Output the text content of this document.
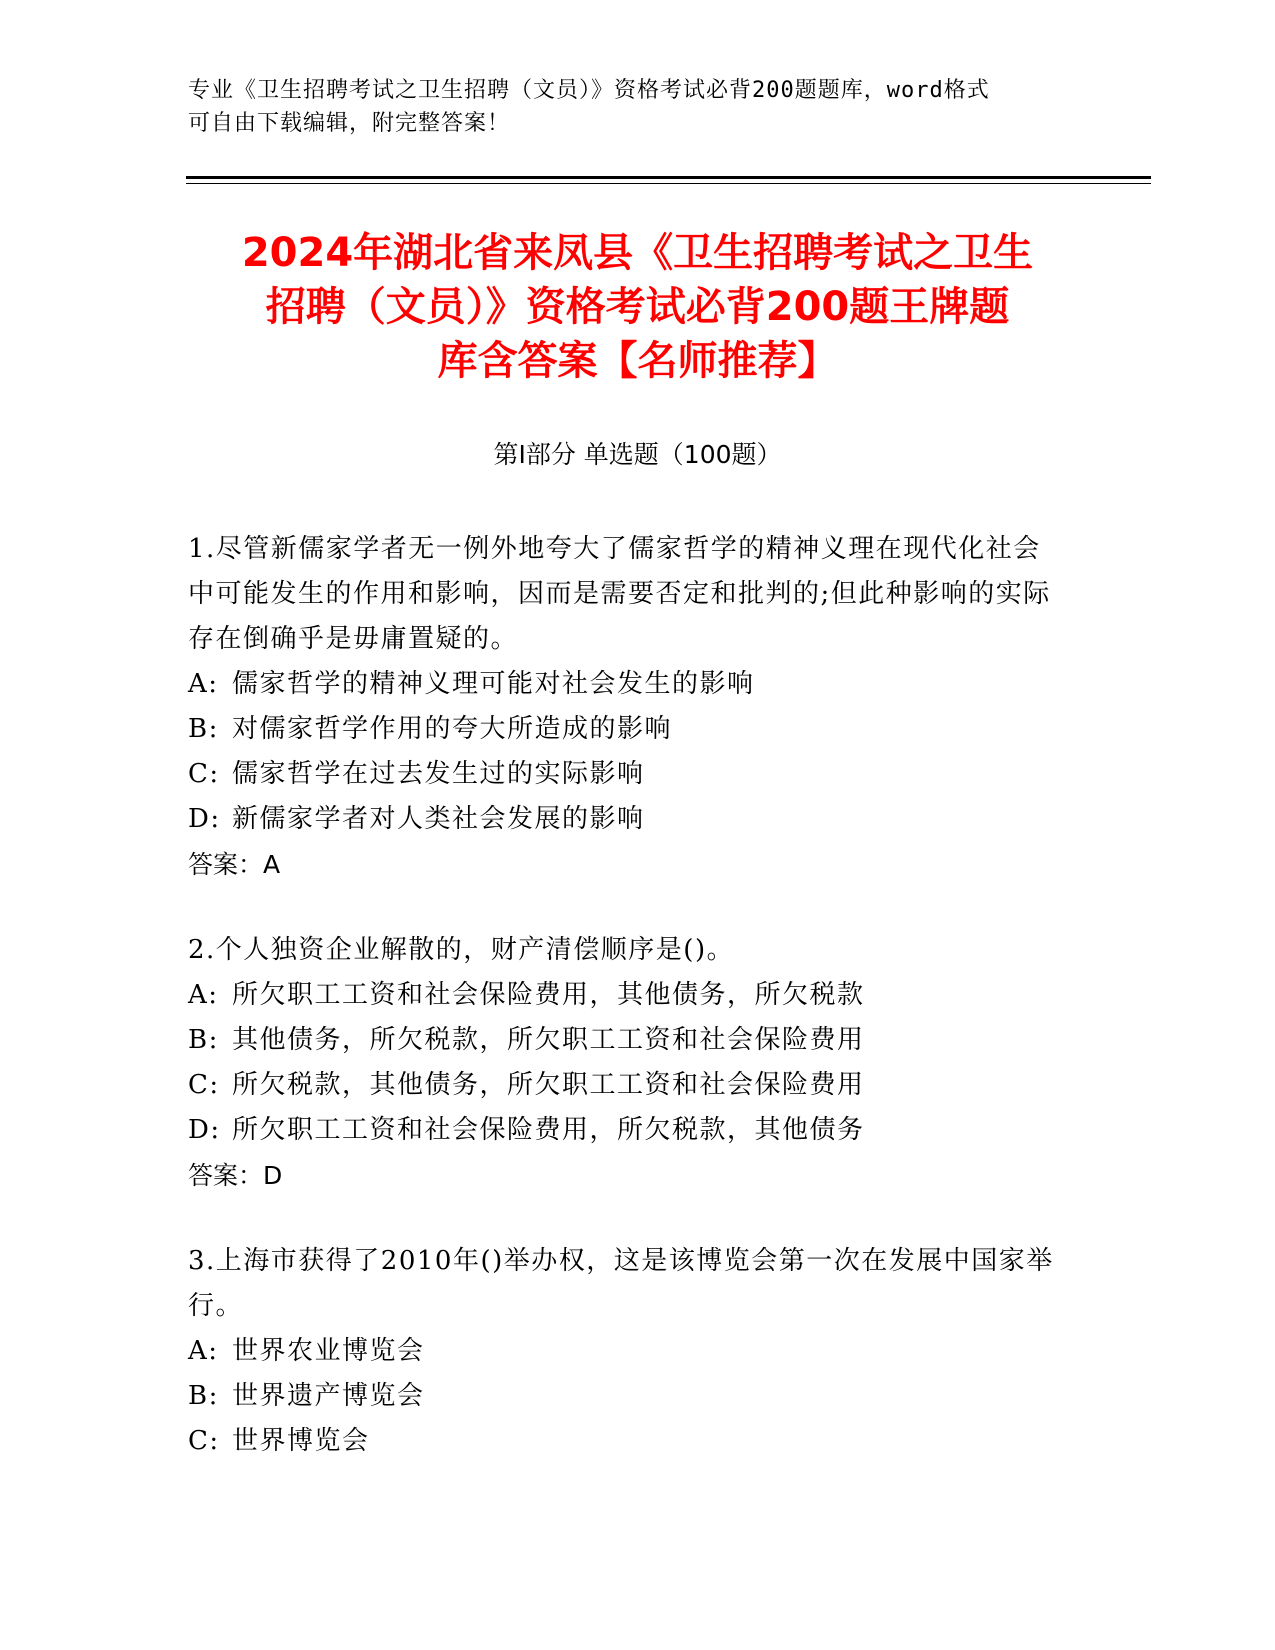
专业《卫生招聘考试之卫生招聘（文员）》资格考试必背200题题库，word格式
可自由下载编辑，附完整答案！
2024年湖北省来凤县《卫生招聘考试之卫生
招聘（文员）》资格考试必背200题王牌题
库含答案【名师推荐】
第Ⅰ部分 单选题（100题）
1.尽管新儒家学者无一例外地夸大了儒家哲学的精神义理在现代化社会中可能发生的作用和影响，因而是需要否定和批判的;但此种影响的实际存在倒确乎是毋庸置疑的。
A: 儒家哲学的精神义理可能对社会发生的影响
B: 对儒家哲学作用的夸大所造成的影响
C: 儒家哲学在过去发生过的实际影响
D: 新儒家学者对人类社会发展的影响
答案：A
2.个人独资企业解散的，财产清偿顺序是()。
A: 所欠职工工资和社会保险费用，其他债务，所欠税款
B: 其他债务，所欠税款，所欠职工工资和社会保险费用
C: 所欠税款，其他债务，所欠职工工资和社会保险费用
D: 所欠职工工资和社会保险费用，所欠税款，其他债务
答案：D
3.上海市获得了2010年()举办权，这是该博览会第一次在发展中国家举行。
A: 世界农业博览会
B: 世界遗产博览会
C: 世界博览会
